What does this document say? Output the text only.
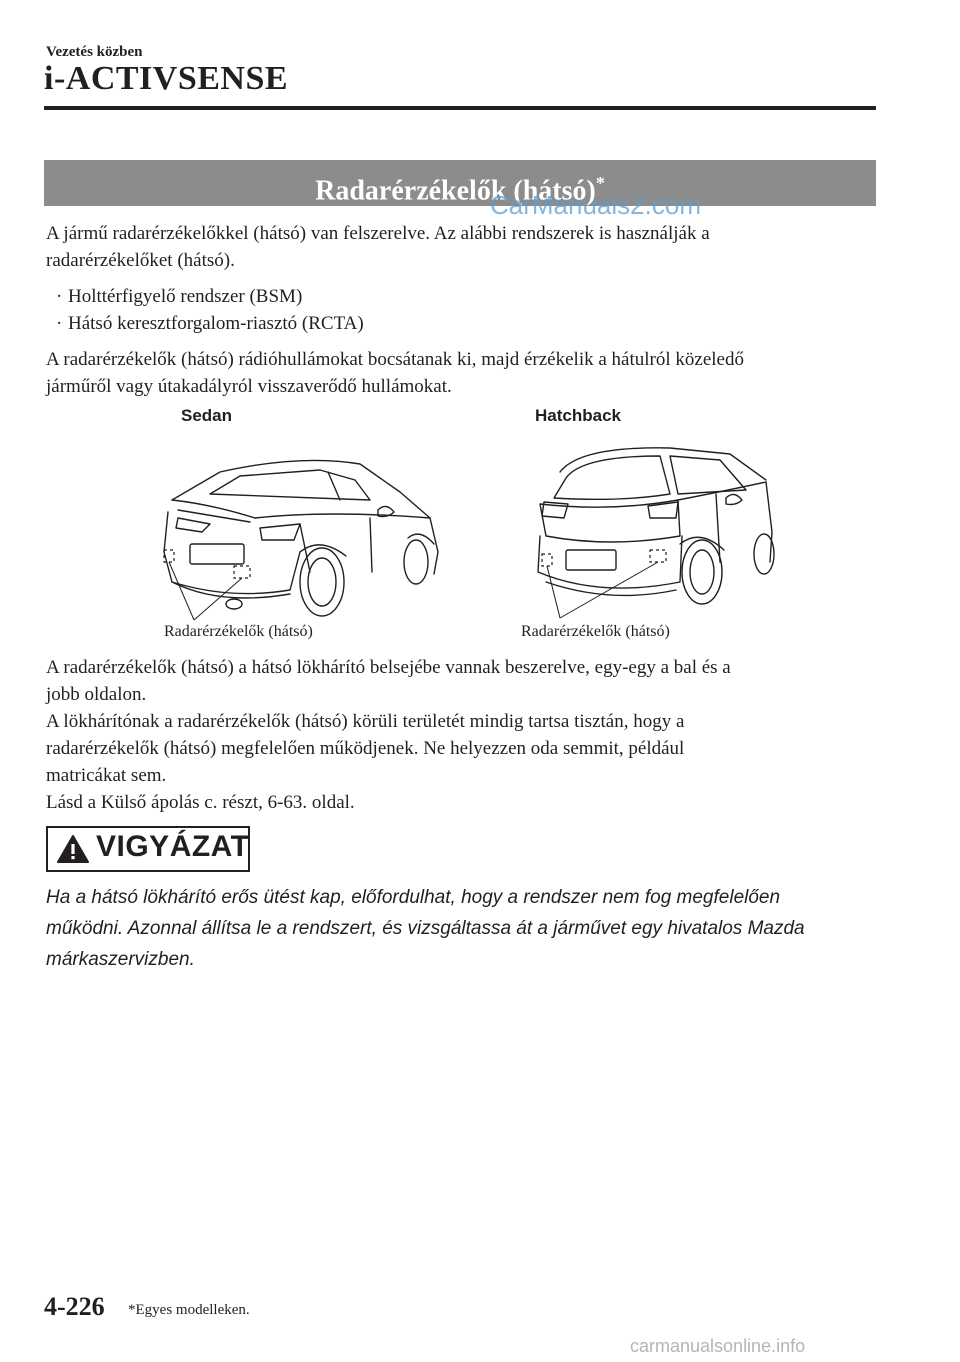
Vezetés közben
i-ACTIVSENSE
Radarérzékelők (hátsó)*
CarManuals2.com
A jármű radarérzékelőkkel (hátsó) van felszerelve. Az alábbi rendszerek is használják a
radarérzékelőket (hátsó).
· Holttérfigyelő rendszer (BSM)
· Hátsó keresztforgalom-riasztó (RCTA)
A radarérzékelők (hátsó) rádióhullámokat bocsátanak ki, majd érzékelik a hátulról közeledő
járműről vagy útakadályról visszaverődő hullámokat.
Sedan
Radarérzékelők (hátsó)
Hatchback
Radarérzékelők (hátsó)
A radarérzékelők (hátsó) a hátsó lökhárító belsejébe vannak beszerelve, egy-egy a bal és a
jobb oldalon.
A lökhárítónak a radarérzékelők (hátsó) körüli területét mindig tartsa tisztán, hogy a
radarérzékelők (hátsó) megfelelően működjenek. Ne helyezzen oda semmit, például
matricákat sem.
Lásd a Külső ápolás c. részt, 6-63. oldal.
VIGYÁZAT
Ha a hátsó lökhárító erős ütést kap, előfordulhat, hogy a rendszer nem fog megfelelően
működni. Azonnal állítsa le a rendszert, és vizsgáltassa át a járművet egy hivatalos Mazda
márkaszervizben.
4-226 *Egyes modelleken.
carmanualsonline.info
